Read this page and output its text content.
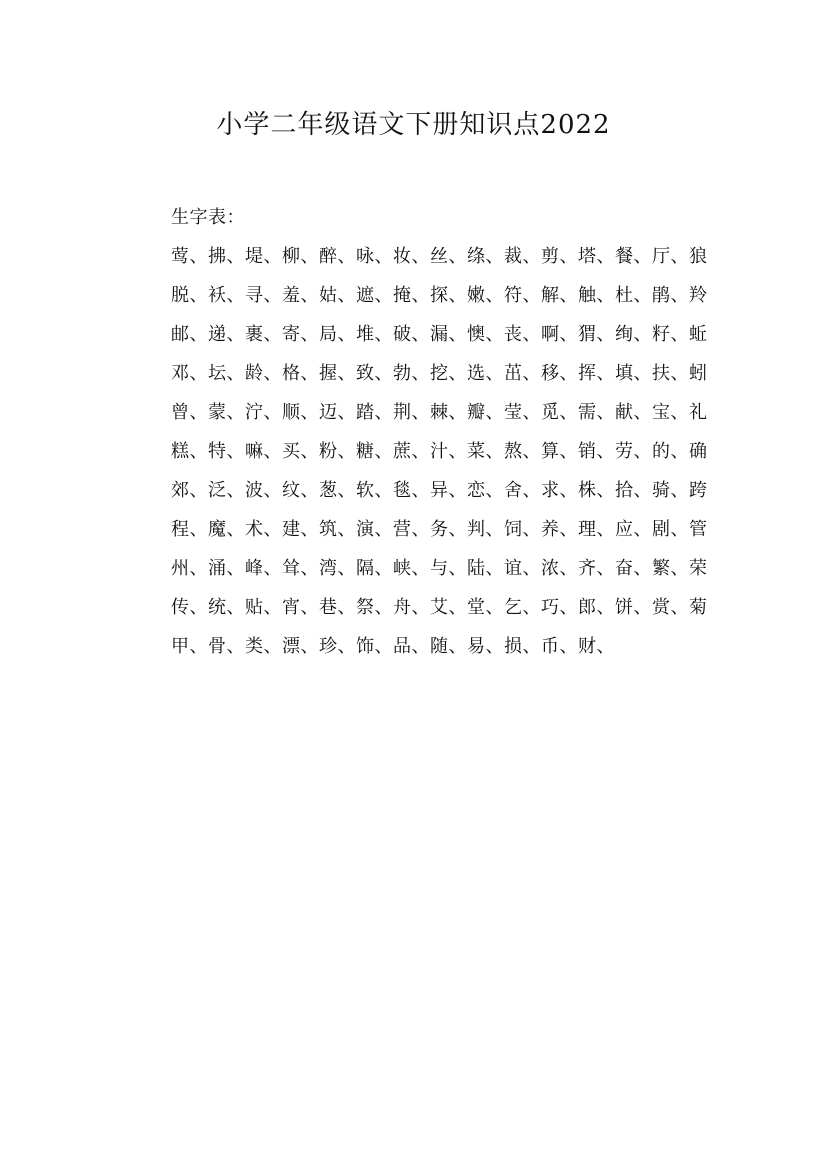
小学二年级语文下册知识点2022

生字表：

莺、拂、堤、柳、醉、咏、妆、丝、绦、裁、剪、塔、餐、厅、狼

脱、袄、寻、羞、姑、遮、掩、探、嫩、符、解、触、杜、鹃、羚

邮、递、裹、寄、局、堆、破、漏、懊、丧、啊、猬、绚、籽、蚯

邓、坛、龄、格、握、致、勃、挖、选、茁、移、挥、填、扶、蚓

曾、蒙、泞、顺、迈、踏、荆、棘、瓣、莹、觅、需、献、宝、礼

糕、特、嘛、买、粉、糖、蔗、汁、菜、熬、算、销、劳、的、确

郊、泛、波、纹、葱、软、毯、异、恋、舍、求、株、拾、骑、跨

程、魔、术、建、筑、演、营、务、判、饲、养、理、应、剧、管

州、涌、峰、耸、湾、隔、峡、与、陆、谊、浓、齐、奋、繁、荣

传、统、贴、宵、巷、祭、舟、艾、堂、乞、巧、郎、饼、赏、菊

甲、骨、类、漂、珍、饰、品、随、易、损、币、财、
